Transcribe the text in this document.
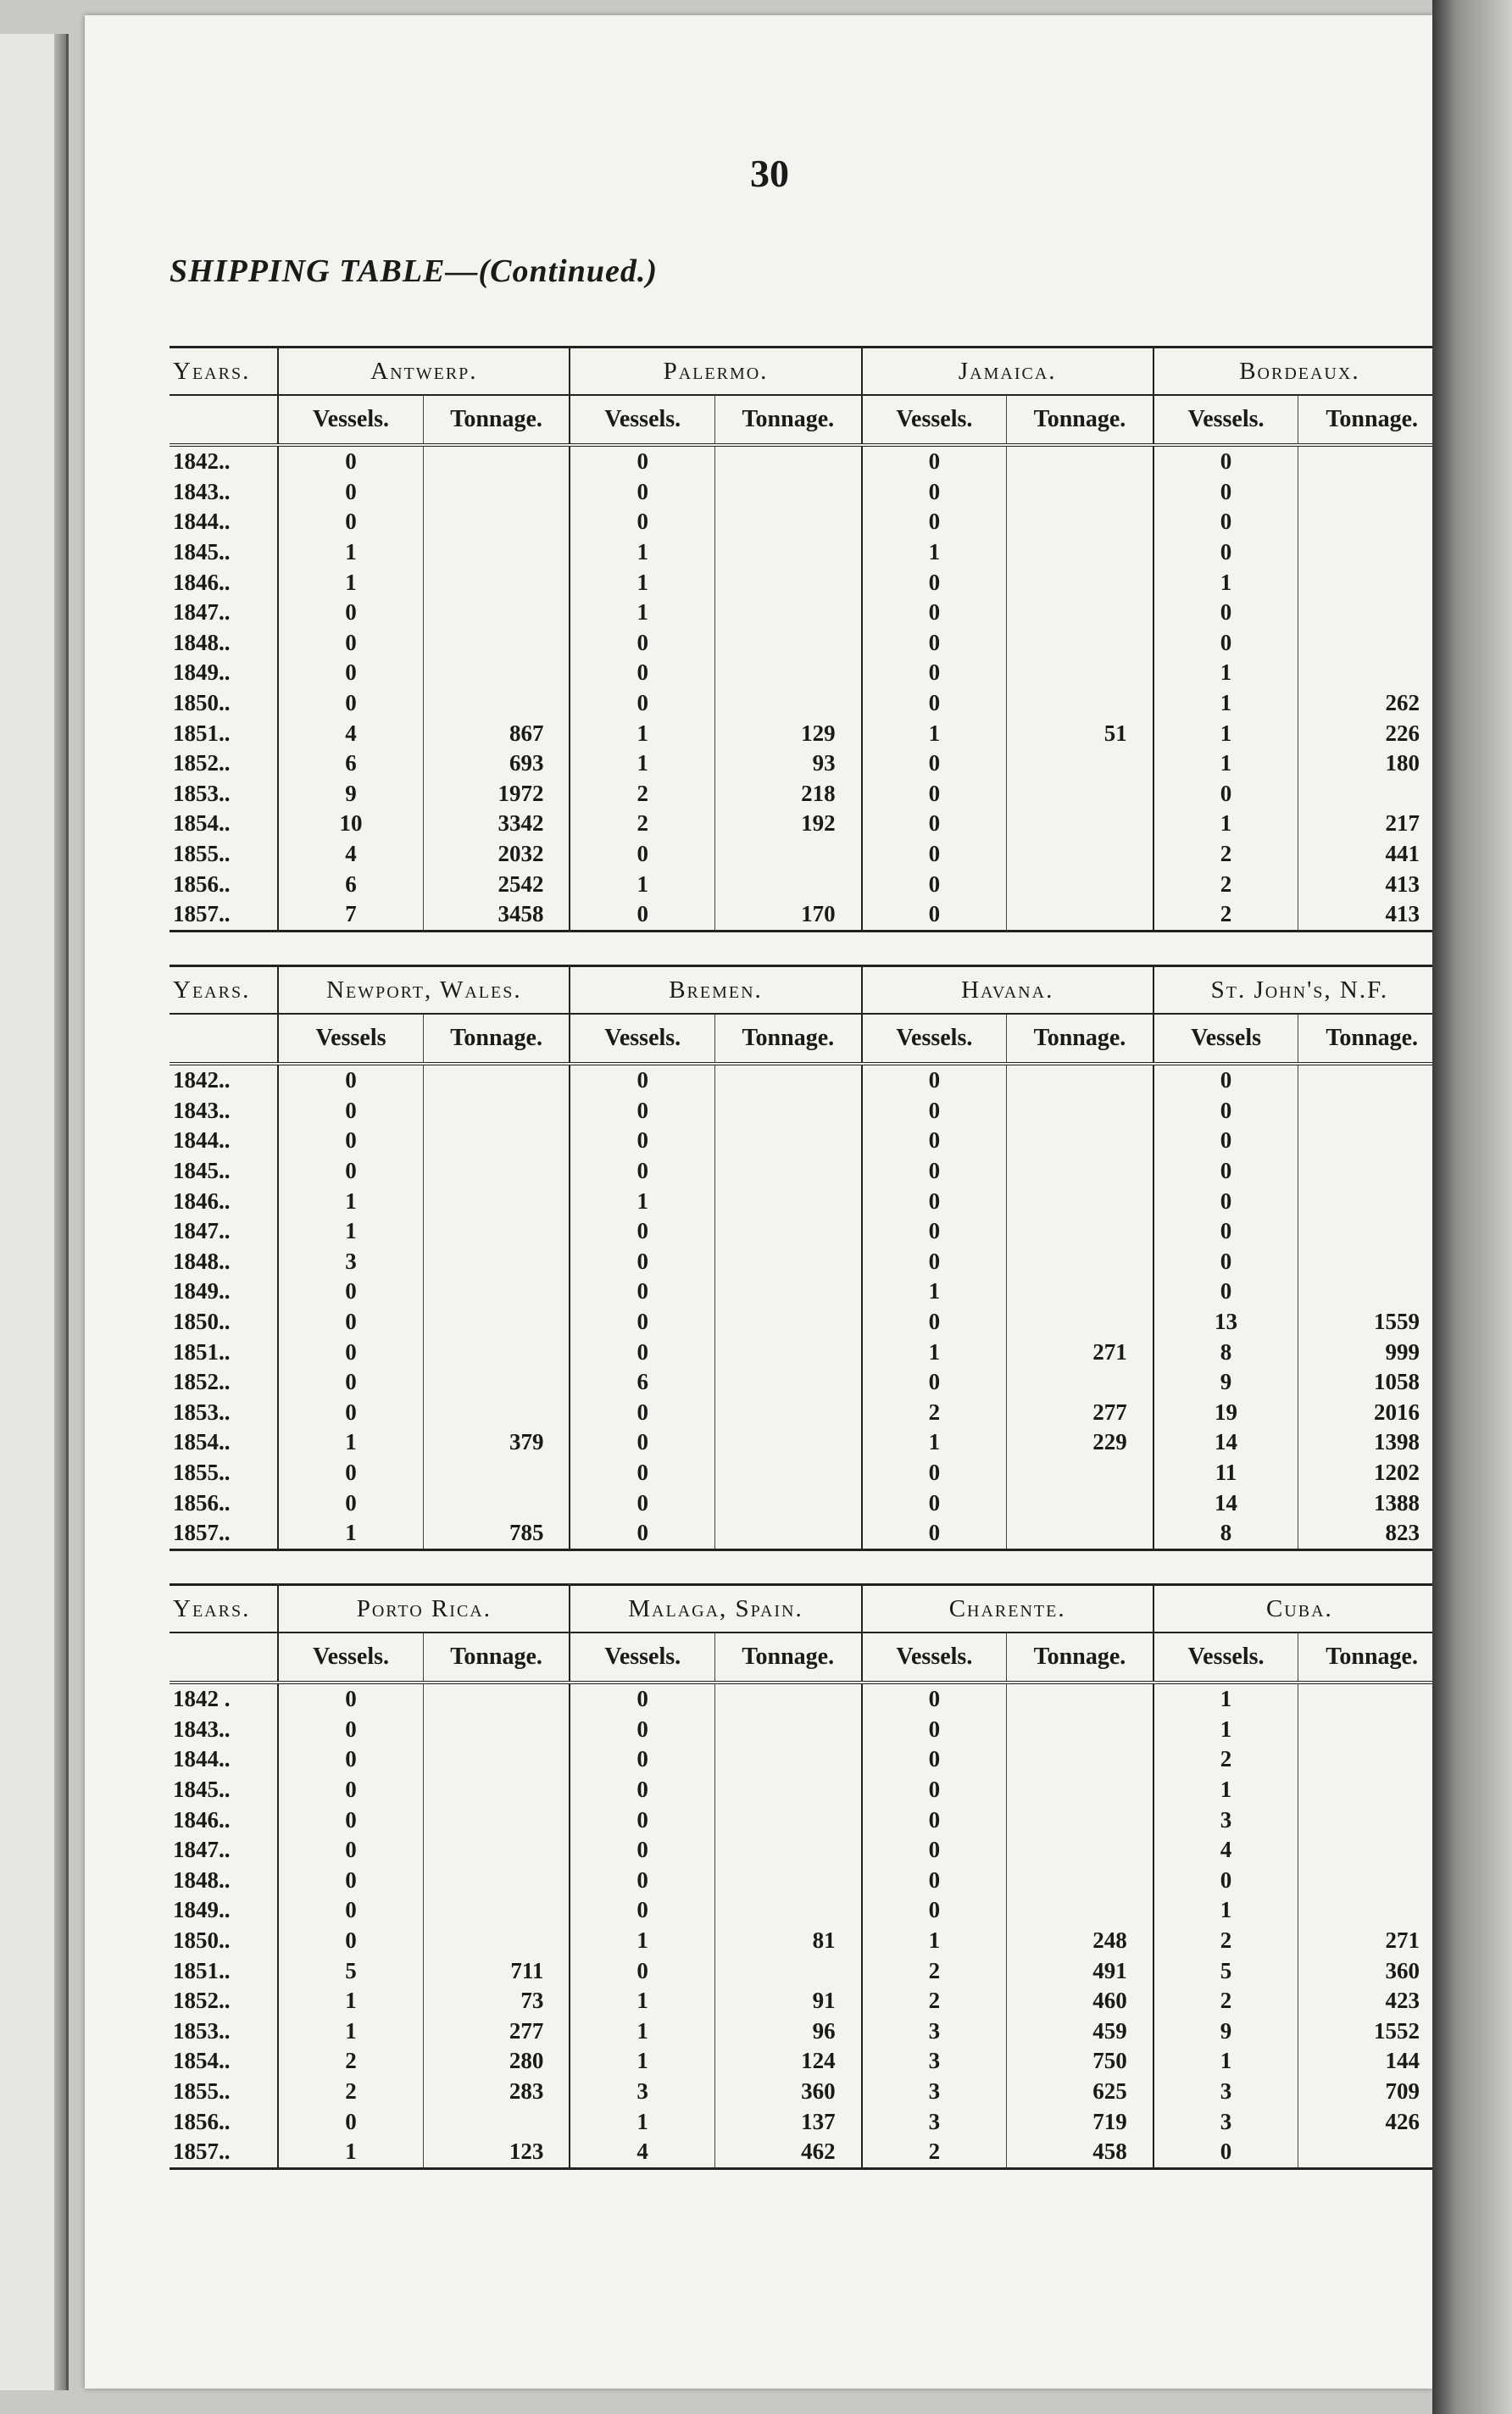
30
SHIPPING TABLE—(Continued.)
Years.	Antwerp.		Palermo.		Jamaica.		Bordeaux.	
	Vessels.	Tonnage.	Vessels.	Tonnage.	Vessels.	Tonnage.	Vessels.	Tonnage.
1842..	0		0		0		0	
1843..	0		0		0		0	
1844..	0		0		0		0	
1845..	1		1		1		0	
1846..	1		1		0		1	
1847..	0		1		0		0	
1848..	0		0		0		0	
1849..	0		0		0		1	
1850..	0		0		0		1	262
1851..	4	867	1	129	1	51	1	226
1852..	6	693	1	93	0		1	180
1853..	9	1972	2	218	0		0	
1854..	10	3342	2	192	0		1	217
1855..	4	2032	0		0		2	441
1856..	6	2542	1		0		2	413
1857..	7	3458	0	170	0		2	413
Years.	Newport, Wales.		Bremen.		Havana.		St. John's, N.F.	
	Vessels	Tonnage.	Vessels.	Tonnage.	Vessels.	Tonnage.	Vessels	Tonnage.
1842..	0		0		0		0	
1843..	0		0		0		0	
1844..	0		0		0		0	
1845..	0		0		0		0	
1846..	1		1		0		0	
1847..	1		0		0		0	
1848..	3		0		0		0	
1849..	0		0		1		0	
1850..	0		0		0		13	1559
1851..	0		0		1	271	8	999
1852..	0		6		0		9	1058
1853..	0		0		2	277	19	2016
1854..	1	379	0		1	229	14	1398
1855..	0		0		0		11	1202
1856..	0		0		0		14	1388
1857..	1	785	0		0		8	823
Years.	Porto Rica.		Malaga, Spain.		Charente.		Cuba.	
	Vessels.	Tonnage.	Vessels.	Tonnage.	Vessels.	Tonnage.	Vessels.	Tonnage.
1842 .	0		0		0		1	
1843..	0		0		0		1	
1844..	0		0		0		2	
1845..	0		0		0		1	
1846..	0		0		0		3	
1847..	0		0		0		4	
1848..	0		0		0		0	
1849..	0		0		0		1	
1850..	0		1	81	1	248	2	271
1851..	5	711	0		2	491	5	360
1852..	1	73	1	91	2	460	2	423
1853..	1	277	1	96	3	459	9	1552
1854..	2	280	1	124	3	750	1	144
1855..	2	283	3	360	3	625	3	709
1856..	0		1	137	3	719	3	426
1857..	1	123	4	462	2	458	0	
